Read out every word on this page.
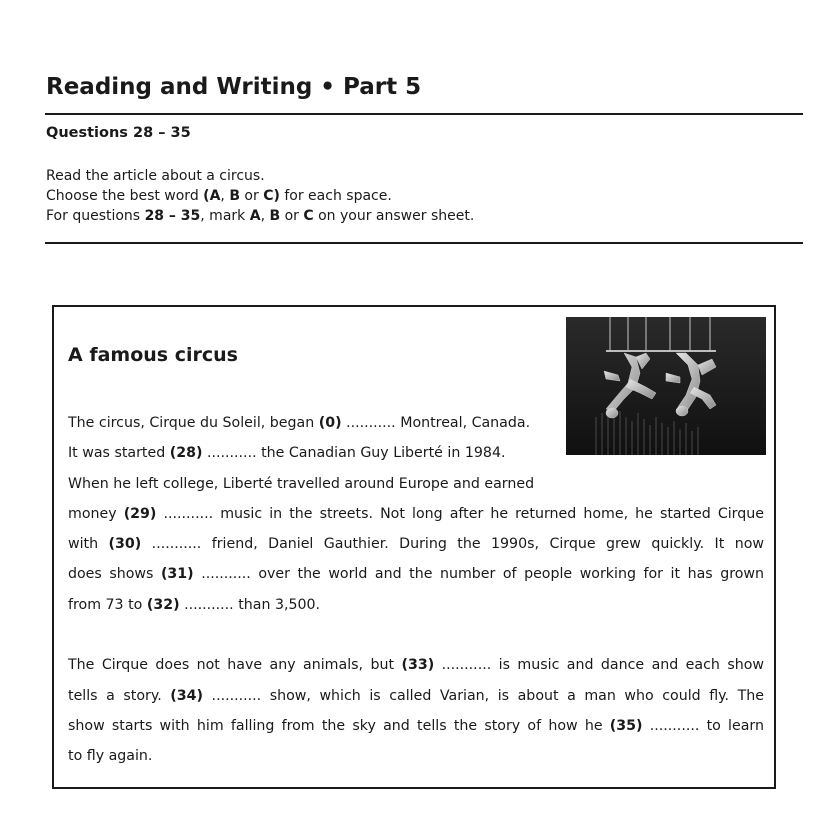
Reading and Writing • Part 5
Questions 28 – 35
Read the article about a circus.
Choose the best word (A, B or C) for each space.
For questions 28 – 35, mark A, B or C on your answer sheet.
A famous circus
The circus, Cirque du Soleil, began (0) ........... Montreal, Canada.
It was started (28) ........... the Canadian Guy Liberté in 1984.
When he left college, Liberté travelled around Europe and earned
money (29) ........... music in the streets. Not long after he returned home, he started Cirque
with (30) ........... friend, Daniel Gauthier. During the 1990s, Cirque grew quickly. It now
does shows (31) ........... over the world and the number of people working for it has grown
from 73 to (32) ........... than 3,500.
The Cirque does not have any animals, but (33) ........... is music and dance and each show
tells a story. (34) ........... show, which is called Varian, is about a man who could fly. The
show starts with him falling from the sky and tells the story of how he (35) ........... to learn
to fly again.
